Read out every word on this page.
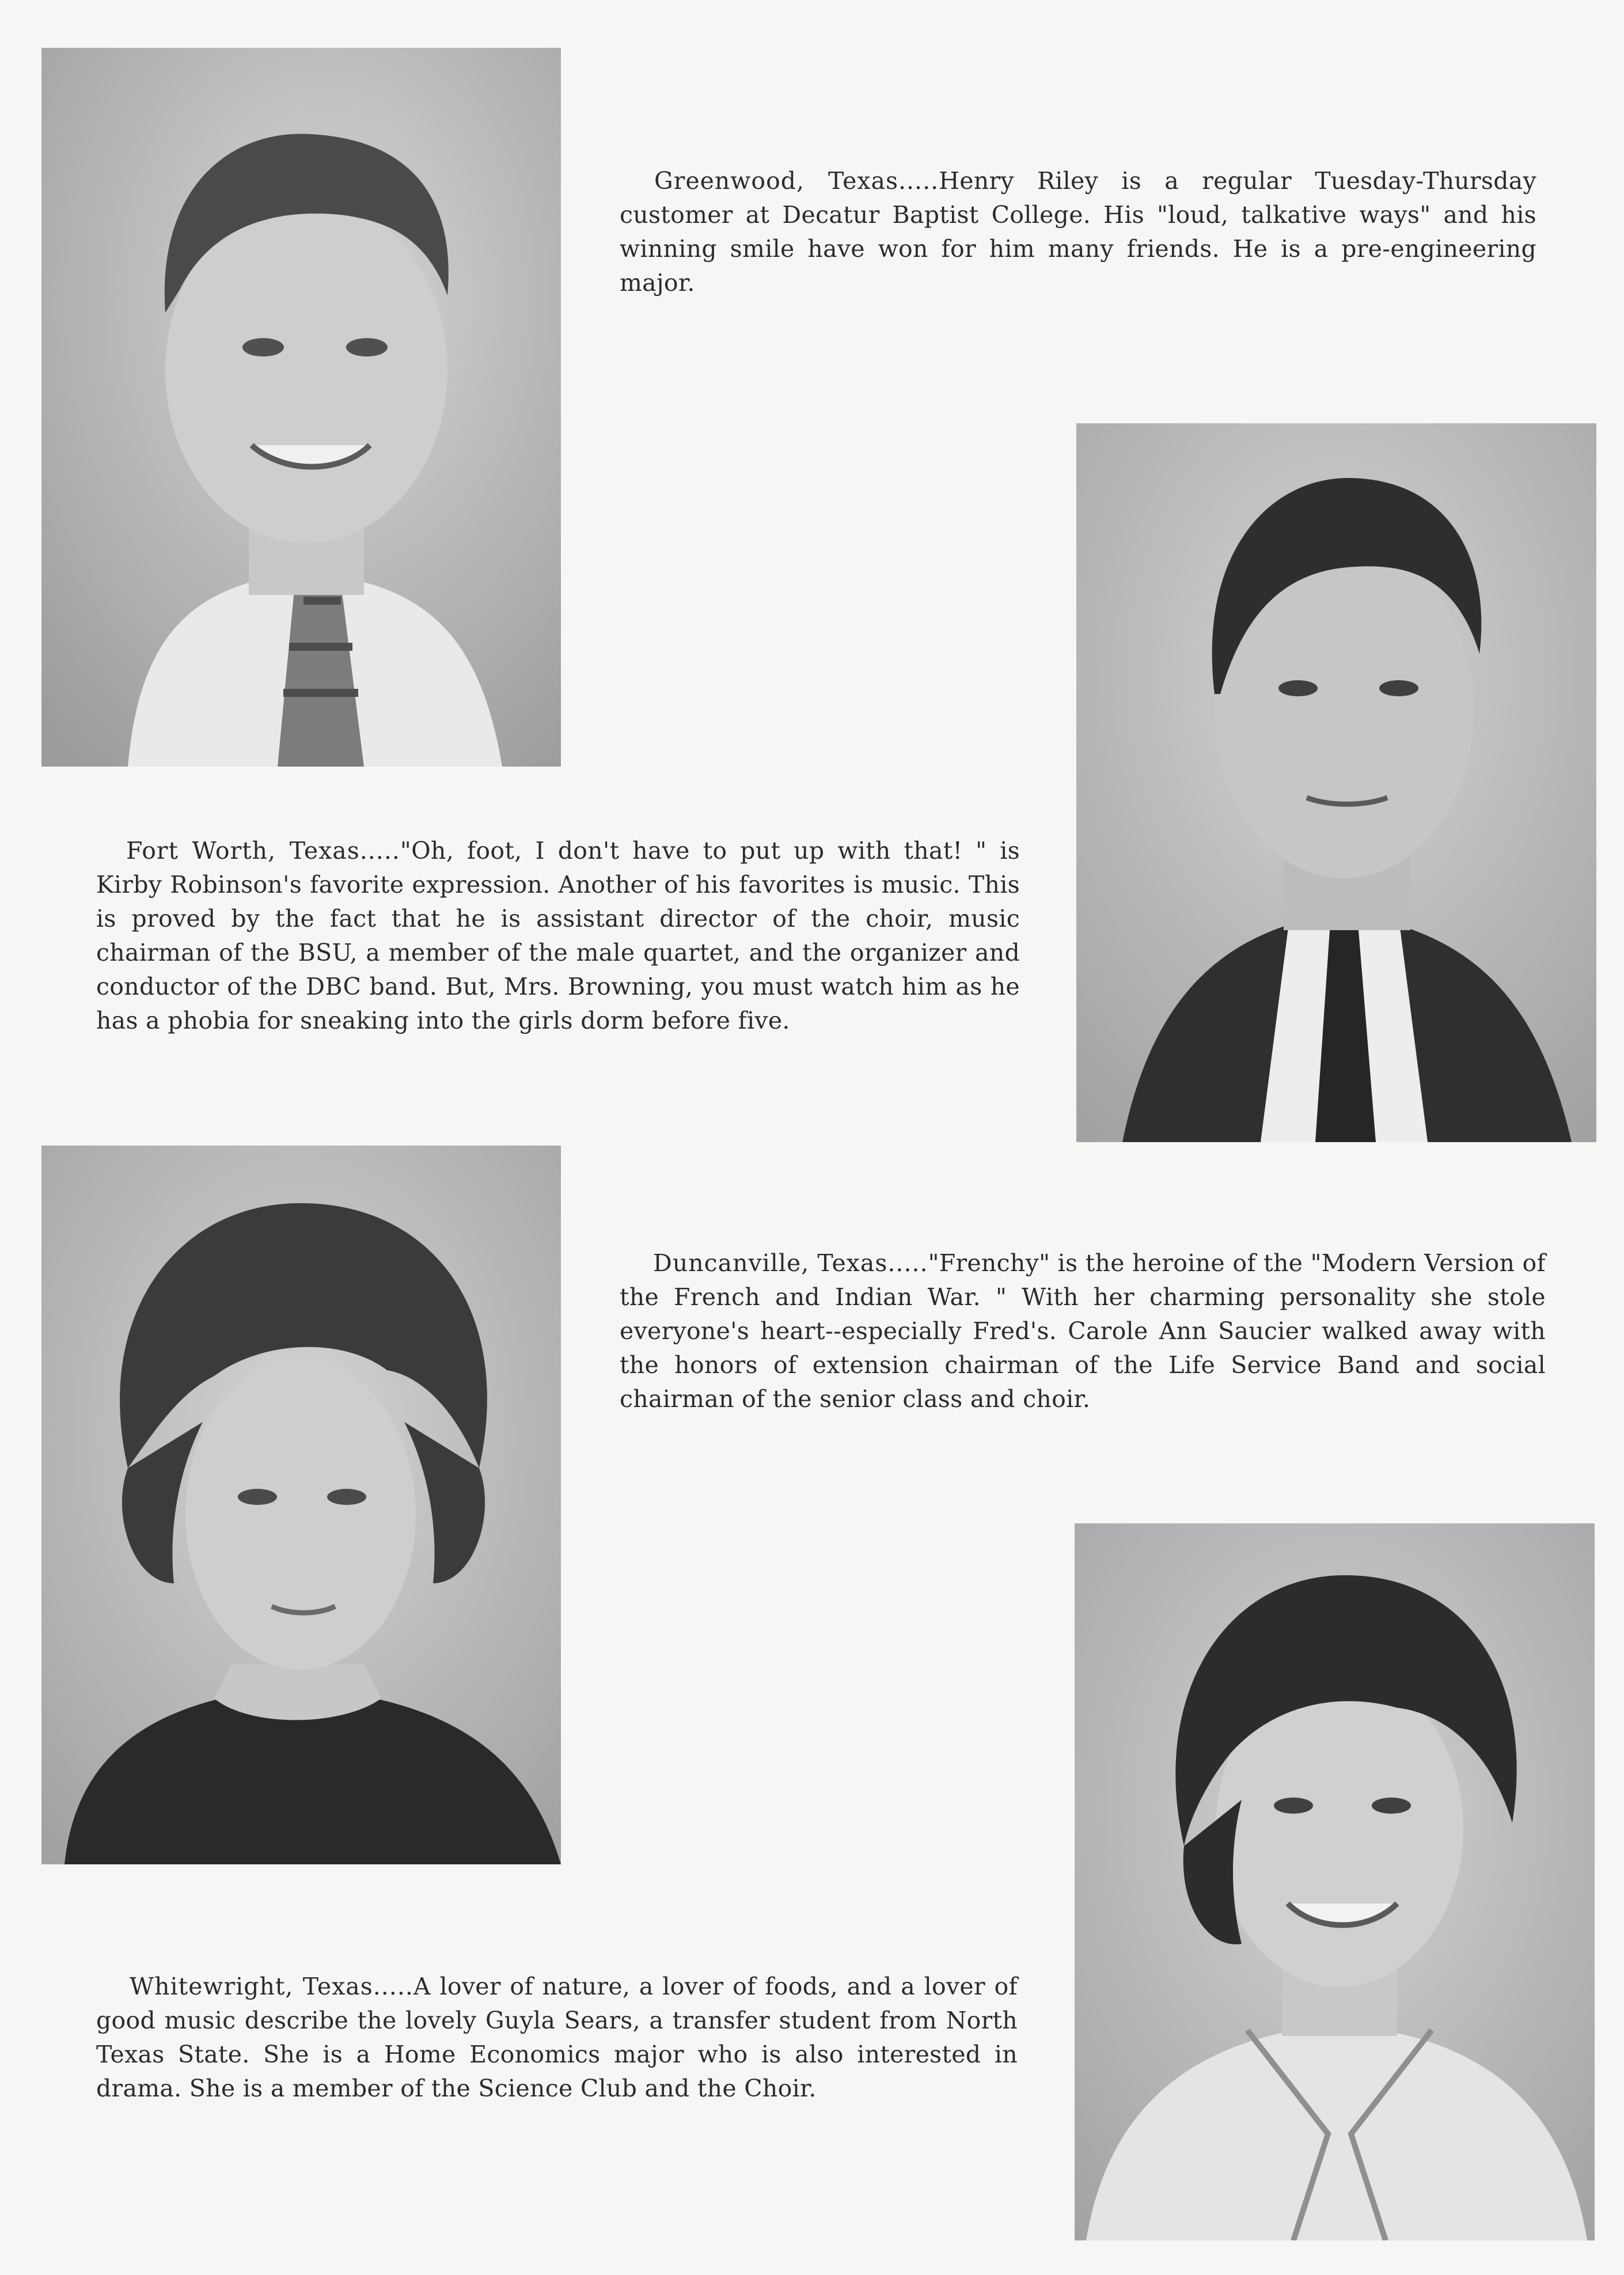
Greenwood, Texas.....Henry Riley is a regular Tuesday-Thursday customer at Decatur Baptist College. His "loud, talkative ways" and his winning smile have won for him many friends. He is a pre-engineering major.

Fort Worth, Texas....."Oh, foot, I don't have to put up with that! " is Kirby Robinson's favorite expression. Another of his favorites is music. This is proved by the fact that he is assistant director of the choir, music chairman of the BSU, a member of the male quartet, and the organizer and conductor of the DBC band. But, Mrs. Browning, you must watch him as he has a phobia for sneaking into the girls dorm before five.

Duncanville, Texas....."Frenchy" is the heroine of the "Modern Version of the French and Indian War. " With her charming personality she stole everyone's heart--especially Fred's. Carole Ann Saucier walked away with the honors of extension chairman of the Life Service Band and social chairman of the senior class and choir.

Whitewright, Texas.....A lover of nature, a lover of foods, and a lover of good music describe the lovely Guyla Sears, a transfer student from North Texas State. She is a Home Economics major who is also interested in drama. She is a member of the Science Club and the Choir.
